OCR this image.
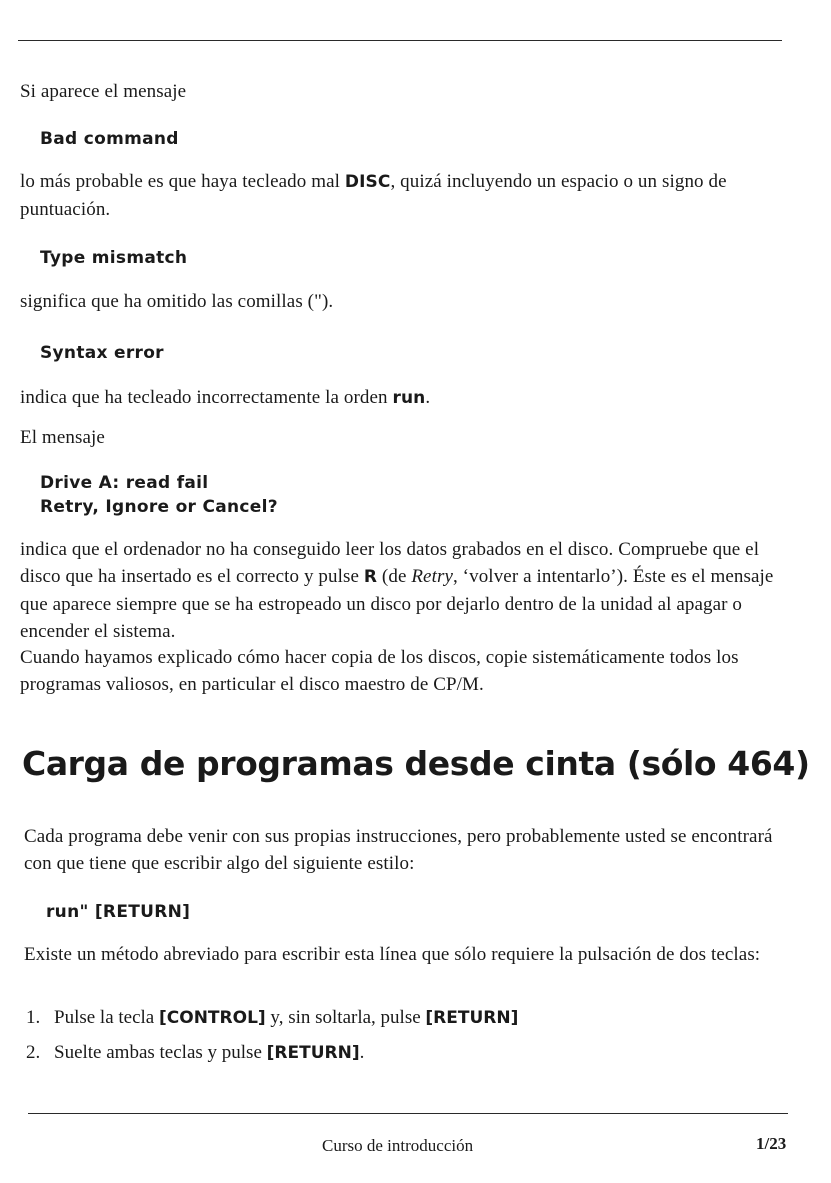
Si aparece el mensaje
Bad command
lo más probable es que haya tecleado mal DISC, quizá incluyendo un espacio o un signo de puntuación.
Type mismatch
significa que ha omitido las comillas (").
Syntax error
indica que ha tecleado incorrectamente la orden run.
El mensaje
Drive A: read fail
Retry, Ignore or Cancel?
indica que el ordenador no ha conseguido leer los datos grabados en el disco. Compruebe que el disco que ha insertado es el correcto y pulse R (de Retry, ‘volver a intentarlo’). Éste es el mensaje que aparece siempre que se ha estropeado un disco por dejarlo dentro de la unidad al apagar o encender el sistema.
Cuando hayamos explicado cómo hacer copia de los discos, copie sistemáticamente todos los programas valiosos, en particular el disco maestro de CP/M.
Carga de programas desde cinta (sólo 464)
Cada programa debe venir con sus propias instrucciones, pero probablemente usted se encontrará con que tiene que escribir algo del siguiente estilo:
run" [RETURN]
Existe un método abreviado para escribir esta línea que sólo requiere la pulsación de dos teclas:
1. Pulse la tecla [CONTROL] y, sin soltarla, pulse [RETURN]
2. Suelte ambas teclas y pulse [RETURN].
Curso de introducción	1/23
